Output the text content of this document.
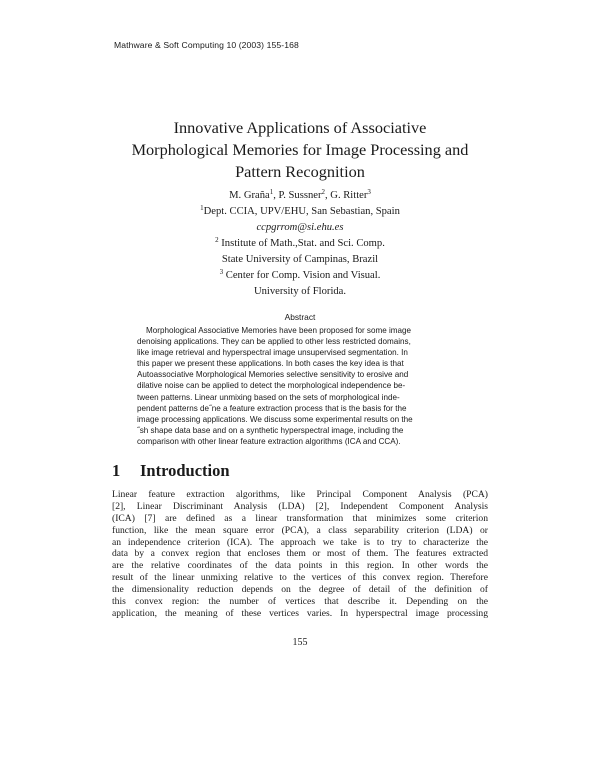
Mathware & Soft Computing 10 (2003) 155-168
Innovative Applications of Associative
Morphological Memories for Image Processing and
Pattern Recognition
M. Graña$^1$, P. Sussner$^2$, G. Ritter$^3$
$^1$Dept. CCIA, UPV/EHU, San Sebastian, Spain
ccpgrrom@si.ehu.es
$^2$ Institute of Math.,Stat. and Sci. Comp.
State University of Campinas, Brazil
$^3$ Center for Comp. Vision and Visual.
University of Florida.
Abstract
Morphological Associative Memories have been proposed for some image
denoising applications. They can be applied to other less restricted domains,
like image retrieval and hyperspectral image unsupervised segmentation. In
this paper we present these applications. In both cases the key idea is that
Autoassociative Morphological Memories selective sensitivity to erosive and
dilative noise can be applied to detect the morphological independence be-
tween patterns. Linear unmixing based on the sets of morphological inde-
pendent patterns de˝ne a feature extraction process that is the basis for the
image processing applications. We discuss some experimental results on the
˝sh shape data base and on a synthetic hyperspectral image, including the
comparison with other linear feature extraction algorithms (ICA and CCA).
1 Introduction
Linear feature extraction algorithms, like Principal Component Analysis (PCA)
[2], Linear Discriminant Analysis (LDA) [2], Independent Component Analysis
(ICA) [7] are defined as a linear transformation that minimizes some criterion
function, like the mean square error (PCA), a class separability criterion (LDA) or
an independence criterion (ICA). The approach we take is to try to characterize the
data by a convex region that encloses them or most of them. The features extracted
are the relative coordinates of the data points in this region. In other words the
result of the linear unmixing relative to the vertices of this convex region. Therefore
the dimensionality reduction depends on the degree of detail of the definition of
this convex region: the number of vertices that describe it. Depending on the
application, the meaning of these vertices varies. In hyperspectral image processing
155
